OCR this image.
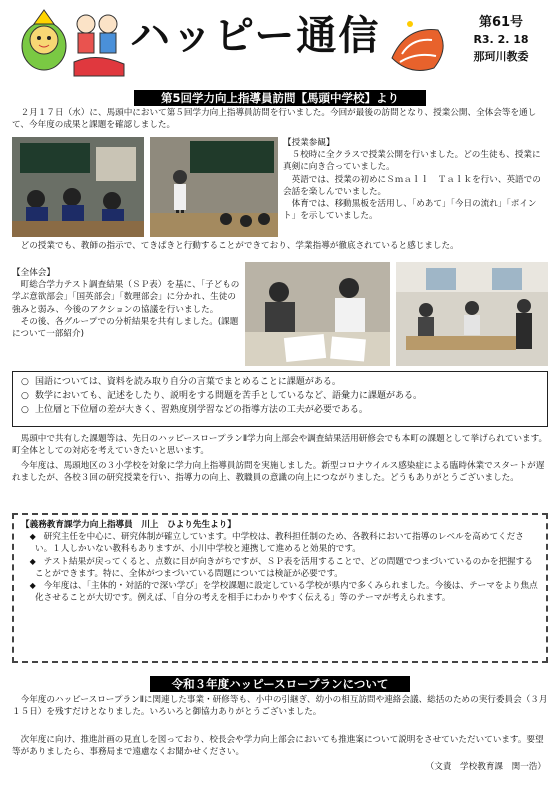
ハッピー通信	第61号
R3. 2. 18
那珂川教委
第5回学力向上指導員訪問【馬頭中学校】より
２月１７日（水）に、馬頭中において第５回学力向上指導員訪問を行いました。今回が最後の訪問となり、授業公開、全体会等を通して、今年度の成果と課題を確認しました。
【授業参観】
５校時に全クラスで授業公開を行いました。どの生徒も、授業に真剣に向き合っていました。
英語では、授業の初めにＳｍａｌｌ　Ｔａｌｋを行い、英語での会話を楽しんでいました。
体育では、移動黒板を活用し、「めあて」「今日の流れ」「ポイント」を示していました。
どの授業でも、教師の指示で、てきぱきと行動することができており、学業指導が徹底されていると感じました。
【全体会】
町総合学力テスト調査結果（ＳＰ表）を基に、「子どもの学ぶ意欲部会」「国英部会」「数理部会」に分かれ、生徒の強みと弱み、今後のアクションの協議を行いました。
その後、各グループでの分析結果を共有しました。(課題について一部紹介)
○ 国語については、資料を読み取り自分の言葉でまとめることに課題がある。
○ 数学においても、記述をしたり、説明をする問題を苦手としているなど、語彙力に課題がある。
○ 上位層と下位層の差が大きく、習熟度別学習などの指導方法の工夫が必要である。
馬頭中で共有した課題等は、先日のハッピースロープランⅡ学力向上部会や調査結果活用研修会でも本町の課題として挙げられています。町全体としての対応を考えていきたいと思います。
今年度は、馬頭地区の３小学校を対象に学力向上指導員訪問を実施しました。新型コロナウイルス感染症による臨時休業でスタートが遅れましたが、各校３回の研究授業を行い、指導力の向上、教職員の意識の向上につながりました。どうもありがとうございました。
【義務教育課学力向上指導員　川上　ひより先生より】
◆ 研究主任を中心に、研究体制が確立しています。中学校は、教科担任制のため、各教科において指導のレベルを高めてください。１人しかいない教科もありますが、小川中学校と連携して進めると効果的です。
◆ テスト結果が戻ってくると、点数に目が向きがちですが、ＳＰ表を活用することで、どの問題でつまづいているのかを把握することができます。特に、全体がつまづいている問題については検証が必要です。
◆ 今年度は、「主体的・対話的で深い学び」を学校課題に設定している学校が県内で多くみられました。今後は、テーマをより焦点化させることが大切です。例えば、「自分の考えを相手にわかりやすく伝える」等のテーマが考えられます。
令和３年度ハッピースロープランについて
今年度のハッピースロープランⅡに関連した事業・研修等も、小中の引継ぎ、幼小の相互訪問や連絡会議、総括のための実行委員会（３月１５日）を残すだけとなりました。いろいろと御協力ありがとうございました。
次年度に向け、推進計画の見直しを図っており、校長会や学力向上部会においても推進案について説明をさせていただいています。要望等がありましたら、事務局まで遠慮なくお聞かせください。
（文責　学校教育課　関一浩）
